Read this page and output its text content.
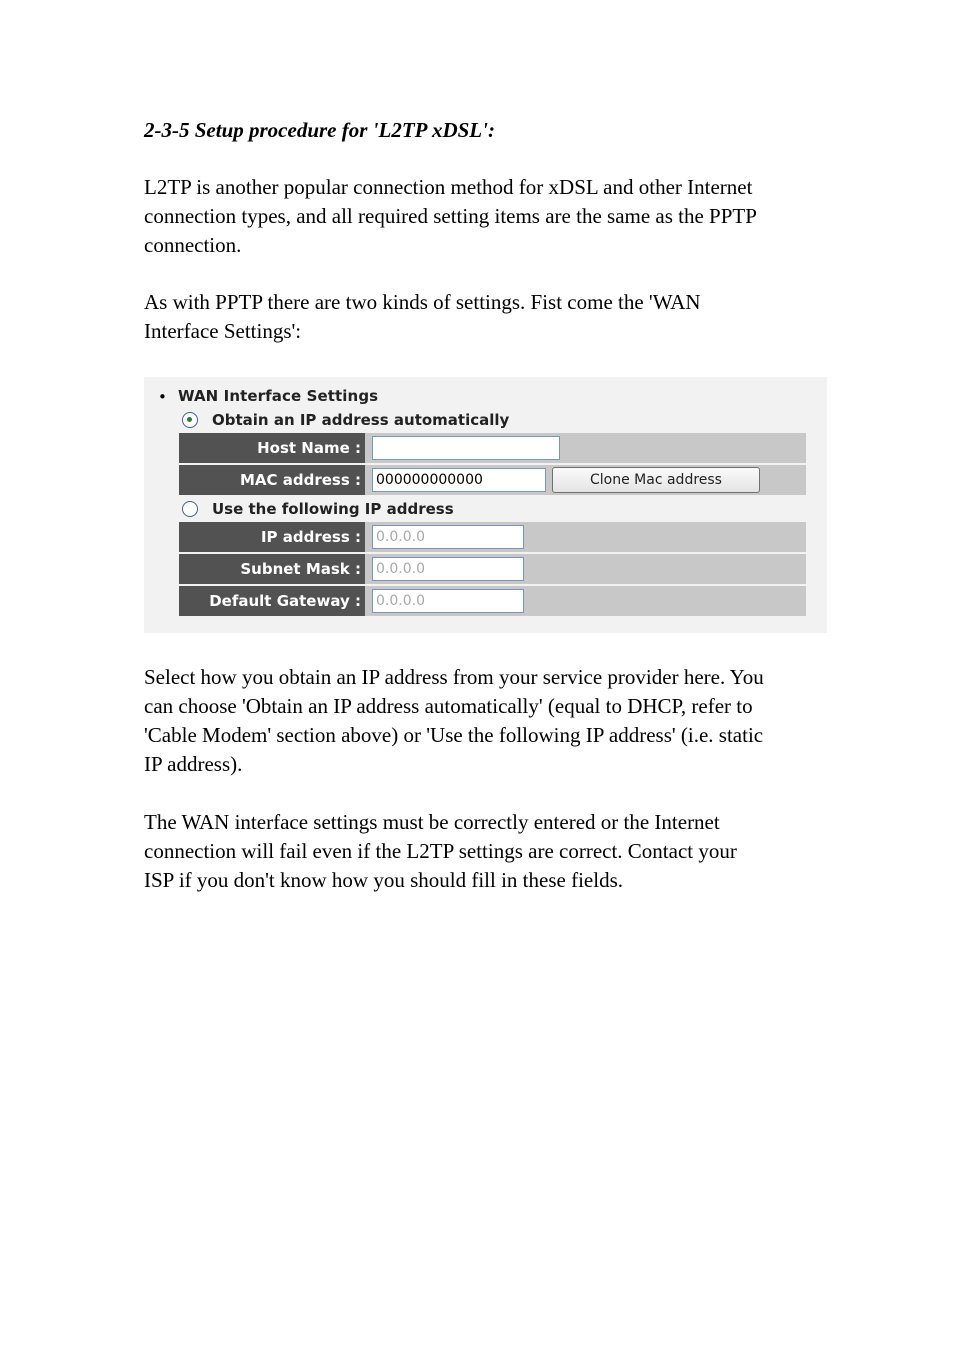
2-3-5 Setup procedure for 'L2TP xDSL':
L2TP is another popular connection method for xDSL and other Internet
connection types, and all required setting items are the same as the PPTP
connection.
As with PPTP there are two kinds of settings. Fist come the 'WAN
Interface Settings':
• WAN Interface Settings
Obtain an IP address automatically
Host Name :
MAC address : 000000000000	Clone Mac address
Use the following IP address
IP address : 0.0.0.0
Subnet Mask : 0.0.0.0
Default Gateway : 0.0.0.0
Select how you obtain an IP address from your service provider here. You
can choose 'Obtain an IP address automatically' (equal to DHCP, refer to
'Cable Modem' section above) or 'Use the following IP address' (i.e. static
IP address).
The WAN interface settings must be correctly entered or the Internet
connection will fail even if the L2TP settings are correct. Contact your
ISP if you don't know how you should fill in these fields.
